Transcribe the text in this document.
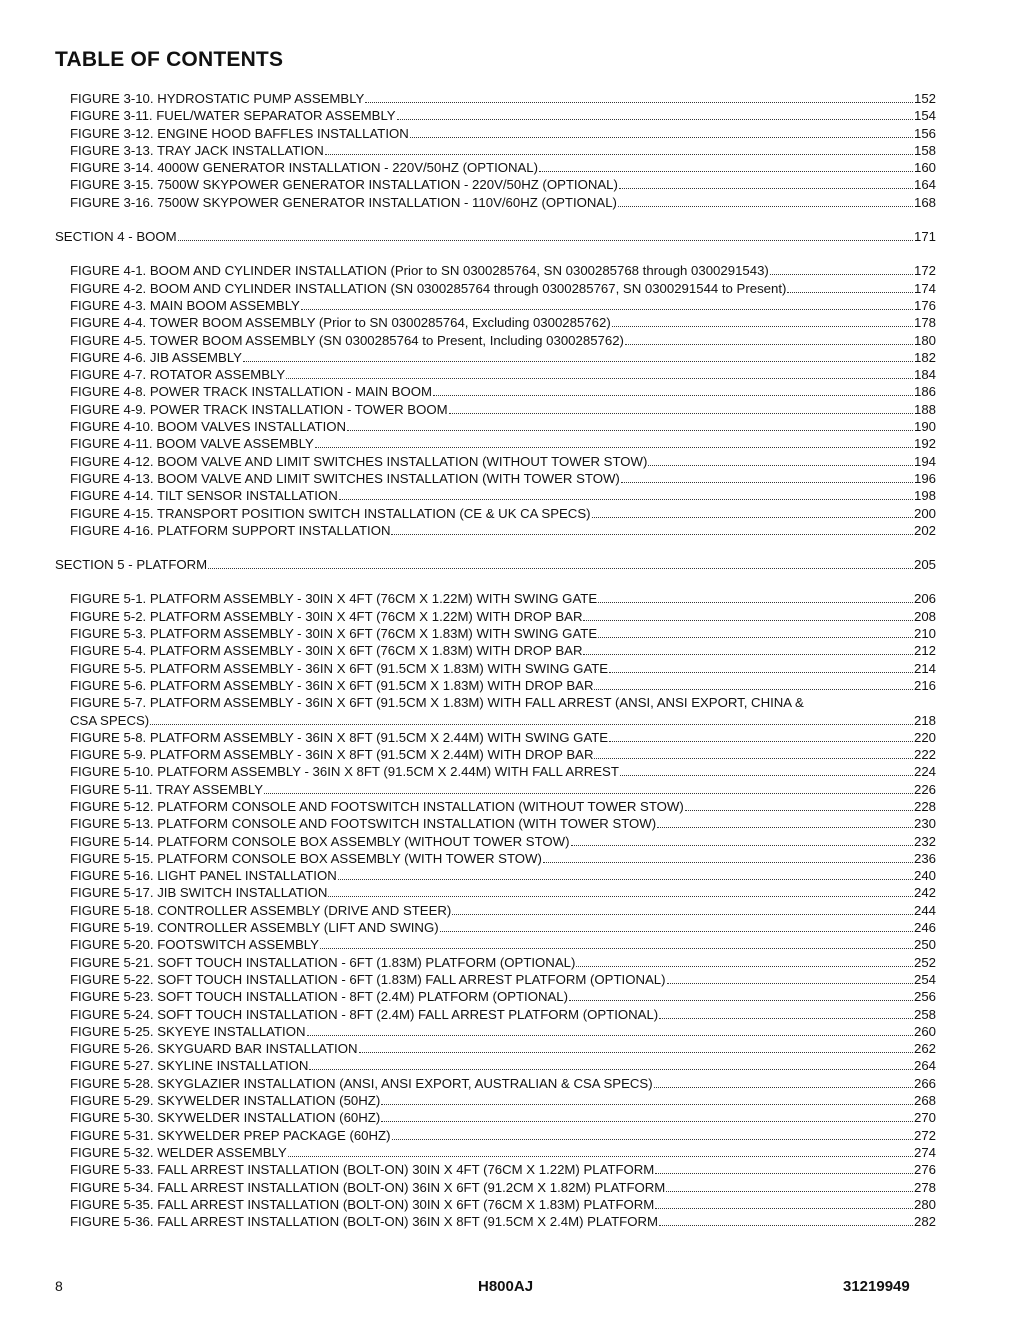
TABLE OF CONTENTS
FIGURE 3-10. HYDROSTATIC PUMP ASSEMBLY	152
FIGURE 3-11. FUEL/WATER SEPARATOR ASSEMBLY	154
FIGURE 3-12. ENGINE HOOD BAFFLES INSTALLATION	156
FIGURE 3-13. TRAY JACK INSTALLATION	158
FIGURE 3-14. 4000W GENERATOR INSTALLATION - 220V/50HZ (OPTIONAL)	160
FIGURE 3-15. 7500W SKYPOWER GENERATOR INSTALLATION - 220V/50HZ (OPTIONAL)	164
FIGURE 3-16. 7500W SKYPOWER GENERATOR INSTALLATION - 110V/60HZ (OPTIONAL)	168
SECTION 4 - BOOM	171
FIGURE 4-1. BOOM AND CYLINDER INSTALLATION (Prior to SN 0300285764, SN 0300285768 through 0300291543)	172
FIGURE 4-2. BOOM AND CYLINDER INSTALLATION (SN 0300285764 through 0300285767, SN 0300291544 to Present)	174
FIGURE 4-3. MAIN BOOM ASSEMBLY	176
FIGURE 4-4. TOWER BOOM ASSEMBLY (Prior to SN 0300285764, Excluding 0300285762)	178
FIGURE 4-5. TOWER BOOM ASSEMBLY (SN 0300285764 to Present, Including 0300285762)	180
FIGURE 4-6. JIB ASSEMBLY	182
FIGURE 4-7. ROTATOR ASSEMBLY	184
FIGURE 4-8. POWER TRACK INSTALLATION - MAIN BOOM	186
FIGURE 4-9. POWER TRACK INSTALLATION - TOWER BOOM	188
FIGURE 4-10. BOOM VALVES INSTALLATION	190
FIGURE 4-11. BOOM VALVE ASSEMBLY	192
FIGURE 4-12. BOOM VALVE AND LIMIT SWITCHES INSTALLATION (WITHOUT TOWER STOW)	194
FIGURE 4-13. BOOM VALVE AND LIMIT SWITCHES INSTALLATION (WITH TOWER STOW)	196
FIGURE 4-14. TILT SENSOR INSTALLATION	198
FIGURE 4-15. TRANSPORT POSITION SWITCH INSTALLATION (CE & UK CA SPECS)	200
FIGURE 4-16. PLATFORM SUPPORT INSTALLATION	202
SECTION 5 - PLATFORM	205
FIGURE 5-1. PLATFORM ASSEMBLY - 30IN X 4FT (76CM X 1.22M) WITH SWING GATE	206
FIGURE 5-2. PLATFORM ASSEMBLY - 30IN X 4FT (76CM X 1.22M) WITH DROP BAR	208
FIGURE 5-3. PLATFORM ASSEMBLY - 30IN X 6FT (76CM X 1.83M) WITH SWING GATE	210
FIGURE 5-4. PLATFORM ASSEMBLY - 30IN X 6FT (76CM X 1.83M) WITH DROP BAR	212
FIGURE 5-5. PLATFORM ASSEMBLY - 36IN X 6FT (91.5CM X 1.83M) WITH SWING GATE	214
FIGURE 5-6. PLATFORM ASSEMBLY - 36IN X 6FT (91.5CM X 1.83M) WITH DROP BAR	216
FIGURE 5-7. PLATFORM ASSEMBLY - 36IN X 6FT (91.5CM X 1.83M) WITH FALL ARREST (ANSI, ANSI EXPORT, CHINA &
CSA SPECS)	218
FIGURE 5-8. PLATFORM ASSEMBLY - 36IN X 8FT (91.5CM X 2.44M) WITH SWING GATE	220
FIGURE 5-9. PLATFORM ASSEMBLY - 36IN X 8FT (91.5CM X 2.44M) WITH DROP BAR	222
FIGURE 5-10. PLATFORM ASSEMBLY - 36IN X 8FT (91.5CM X 2.44M) WITH FALL ARREST	224
FIGURE 5-11. TRAY ASSEMBLY	226
FIGURE 5-12. PLATFORM CONSOLE AND FOOTSWITCH INSTALLATION (WITHOUT TOWER STOW)	228
FIGURE 5-13. PLATFORM CONSOLE AND FOOTSWITCH INSTALLATION (WITH TOWER STOW)	230
FIGURE 5-14. PLATFORM CONSOLE BOX ASSEMBLY (WITHOUT TOWER STOW)	232
FIGURE 5-15. PLATFORM CONSOLE BOX ASSEMBLY (WITH TOWER STOW)	236
FIGURE 5-16. LIGHT PANEL INSTALLATION	240
FIGURE 5-17. JIB SWITCH INSTALLATION	242
FIGURE 5-18. CONTROLLER ASSEMBLY (DRIVE AND STEER)	244
FIGURE 5-19. CONTROLLER ASSEMBLY (LIFT AND SWING)	246
FIGURE 5-20. FOOTSWITCH ASSEMBLY	250
FIGURE 5-21. SOFT TOUCH INSTALLATION - 6FT (1.83M) PLATFORM (OPTIONAL)	252
FIGURE 5-22. SOFT TOUCH INSTALLATION - 6FT (1.83M) FALL ARREST PLATFORM (OPTIONAL)	254
FIGURE 5-23. SOFT TOUCH INSTALLATION - 8FT (2.4M) PLATFORM (OPTIONAL)	256
FIGURE 5-24. SOFT TOUCH INSTALLATION - 8FT (2.4M) FALL ARREST PLATFORM (OPTIONAL)	258
FIGURE 5-25. SKYEYE INSTALLATION	260
FIGURE 5-26. SKYGUARD BAR INSTALLATION	262
FIGURE 5-27. SKYLINE INSTALLATION	264
FIGURE 5-28. SKYGLAZIER INSTALLATION (ANSI, ANSI EXPORT, AUSTRALIAN & CSA SPECS)	266
FIGURE 5-29. SKYWELDER INSTALLATION (50HZ)	268
FIGURE 5-30. SKYWELDER INSTALLATION (60HZ)	270
FIGURE 5-31. SKYWELDER PREP PACKAGE (60HZ)	272
FIGURE 5-32. WELDER ASSEMBLY	274
FIGURE 5-33. FALL ARREST INSTALLATION (BOLT-ON) 30IN X 4FT (76CM X 1.22M) PLATFORM	276
FIGURE 5-34. FALL ARREST INSTALLATION (BOLT-ON) 36IN X 6FT (91.2CM X 1.82M) PLATFORM	278
FIGURE 5-35. FALL ARREST INSTALLATION (BOLT-ON) 30IN X 6FT (76CM X 1.83M) PLATFORM	280
FIGURE 5-36. FALL ARREST INSTALLATION (BOLT-ON) 36IN X 8FT (91.5CM X 2.4M) PLATFORM	282
8	H800AJ	31219949
